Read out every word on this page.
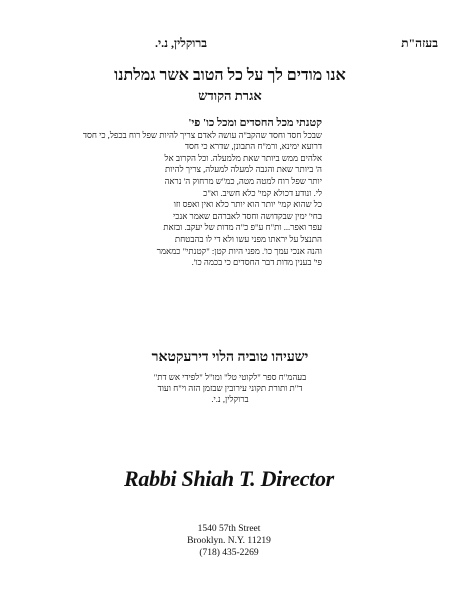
בעזה"ת
ברוקלין, נ.י.
אנו מודים לך על כל הטוב אשר גמלתנו
אגרת הקודש
קטנתי מכל החסדים ומכל כו' פי'
שבכל חסד וחסד שהקב"ה עושה לאדם צריך להיות שפל רוח בכפל, כי חסד
דרועא ימינא, ורמ"ח התבונן, שדרא כי חסד
אלהים ממש ביותר שאת מלמעלה. וכל הקרוב אל
ה' ביותר שאת והגבה למעלה למעלה, צריך להיות
יותר שפל רוח למטה מטה, כמ"ש מרחוק ה' נראה
לי. ונודע דכולא קמי' כלא חשיב. וא"כ
כל שהוא קמי' יותר הוא יותר כלא ואין ואפס וזו
בחי' ימין שבקדושה וחסד לאברהם שאמר אנכי
עפר ואפר... ות"ח ע"פ כ"ה מדות של יעקב. ובזאת
התנצל על יראתו מפני עשו ולא די לו בהבטחת
והנה אנכי עמך כו'. מפני היות קטן: "קטנתי" כמאמר
פי' בענין מדות דבר החסדים כי בכמה כו'.
ישעיהו טוביה הלוי דירעקטאר
בעהמ"ח ספר "לקוטי טל" ומו"ל "לפידי אש דת"
ד"ת ותורת תקוני עירובין שבזמן הזה וי"ח ועוד
ברוקלין, נ.י.
Rabbi Shiah T. Director
1540 57th Street
Brooklyn. N.Y. 11219
(718) 435-2269
